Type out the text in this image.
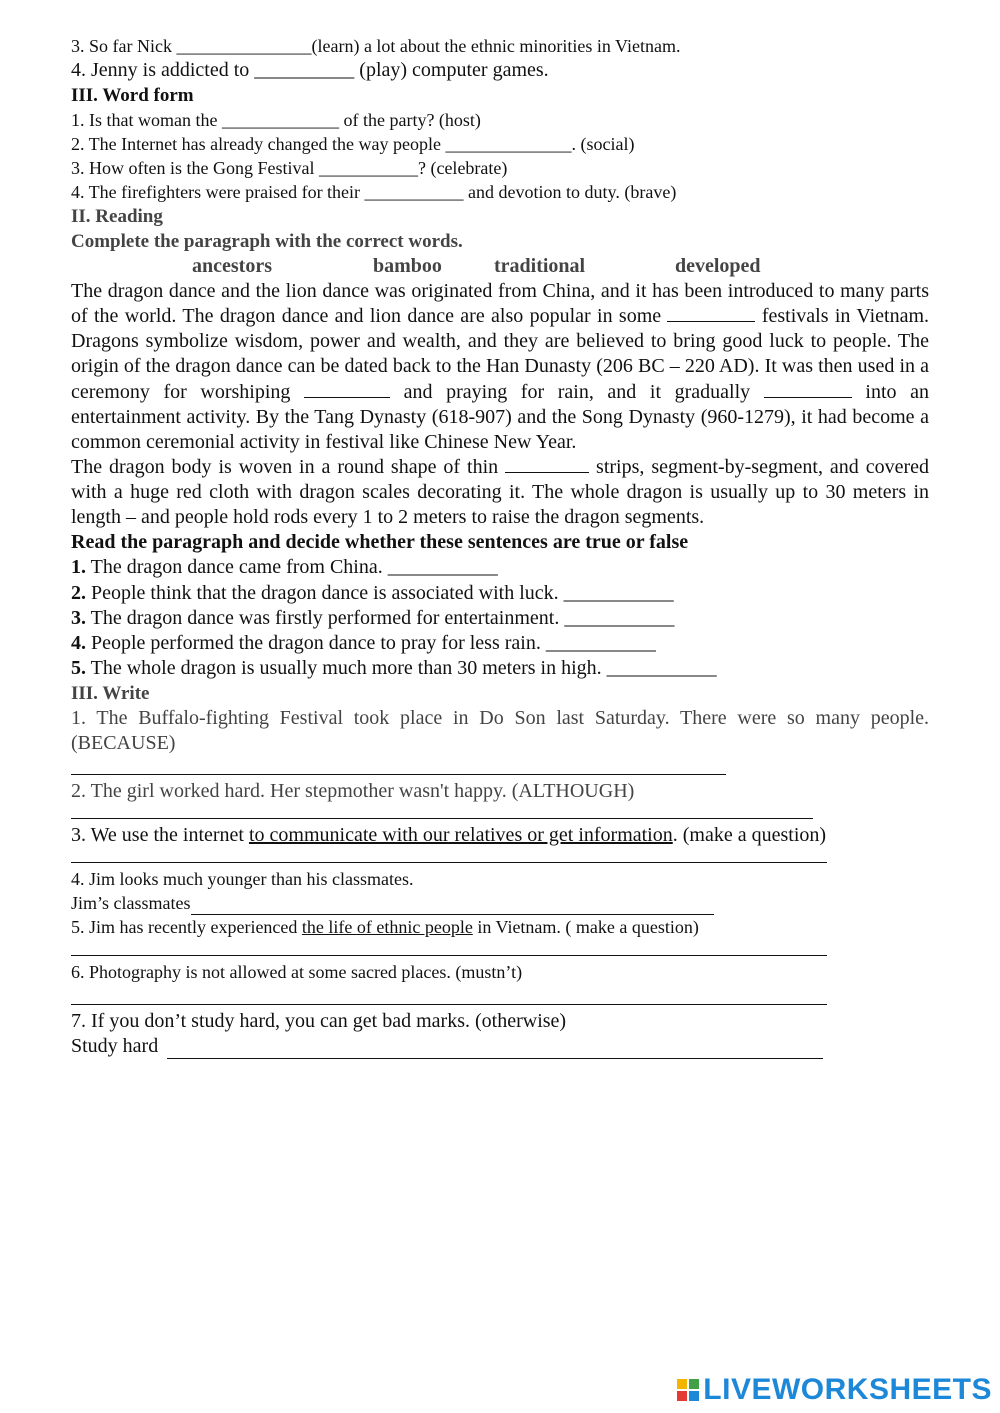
3. So far Nick _______________(learn) a lot about the ethnic minorities in Vietnam.
4. Jenny is addicted to __________ (play) computer games.
III. Word form
1. Is that woman the _____________ of the party? (host)
2. The Internet has already changed the way people ______________. (social)
3. How often is the Gong Festival ___________? (celebrate)
4. The firefighters were praised for their ___________ and devotion to duty. (brave)
II. Reading
Complete the paragraph with the correct words.
ancestors	bamboo	traditional	developed
The dragon dance and the lion dance was originated from China, and it has been introduced to many parts of the world. The dragon dance and lion dance are also popular in some	festivals in Vietnam. Dragons symbolize wisdom, power and wealth, and they are believed to bring good luck to people. The origin of the dragon dance can be dated back to the Han Dunasty (206 BC – 220 AD). It was then used in a ceremony for worshiping	and praying for rain, and it gradually	into an entertainment activity. By the Tang Dynasty (618-907) and the Song Dynasty (960-1279), it had become a common ceremonial activity in festival like Chinese New Year.
The dragon body is woven in a round shape of thin	strips, segment-by-segment, and covered with a huge red cloth with dragon scales decorating it. The whole dragon is usually up to 30 meters in length – and people hold rods every 1 to 2 meters to raise the dragon segments.
Read the paragraph and decide whether these sentences are true or false
1. The dragon dance came from China. ___________
2. People think that the dragon dance is associated with luck. ___________
3. The dragon dance was firstly performed for entertainment. ___________
4. People performed the dragon dance to pray for less rain. ___________
5. The whole dragon is usually much more than 30 meters in high. ___________
III. Write
1. The Buffalo-fighting Festival took place in Do Son last Saturday. There were so many people. (BECAUSE)
2. The girl worked hard. Her stepmother wasn't happy. (ALTHOUGH)
3. We use the internet to communicate with our relatives or get information. (make a question)
4. Jim looks much younger than his classmates.
Jim’s classmates
5. Jim has recently experienced the life of ethnic people in Vietnam. ( make a question)
6. Photography is not allowed at some sacred places. (mustn’t)
7. If you don’t study hard, you can get bad marks. (otherwise)
Study hard
LIVEWORKSHEETS
